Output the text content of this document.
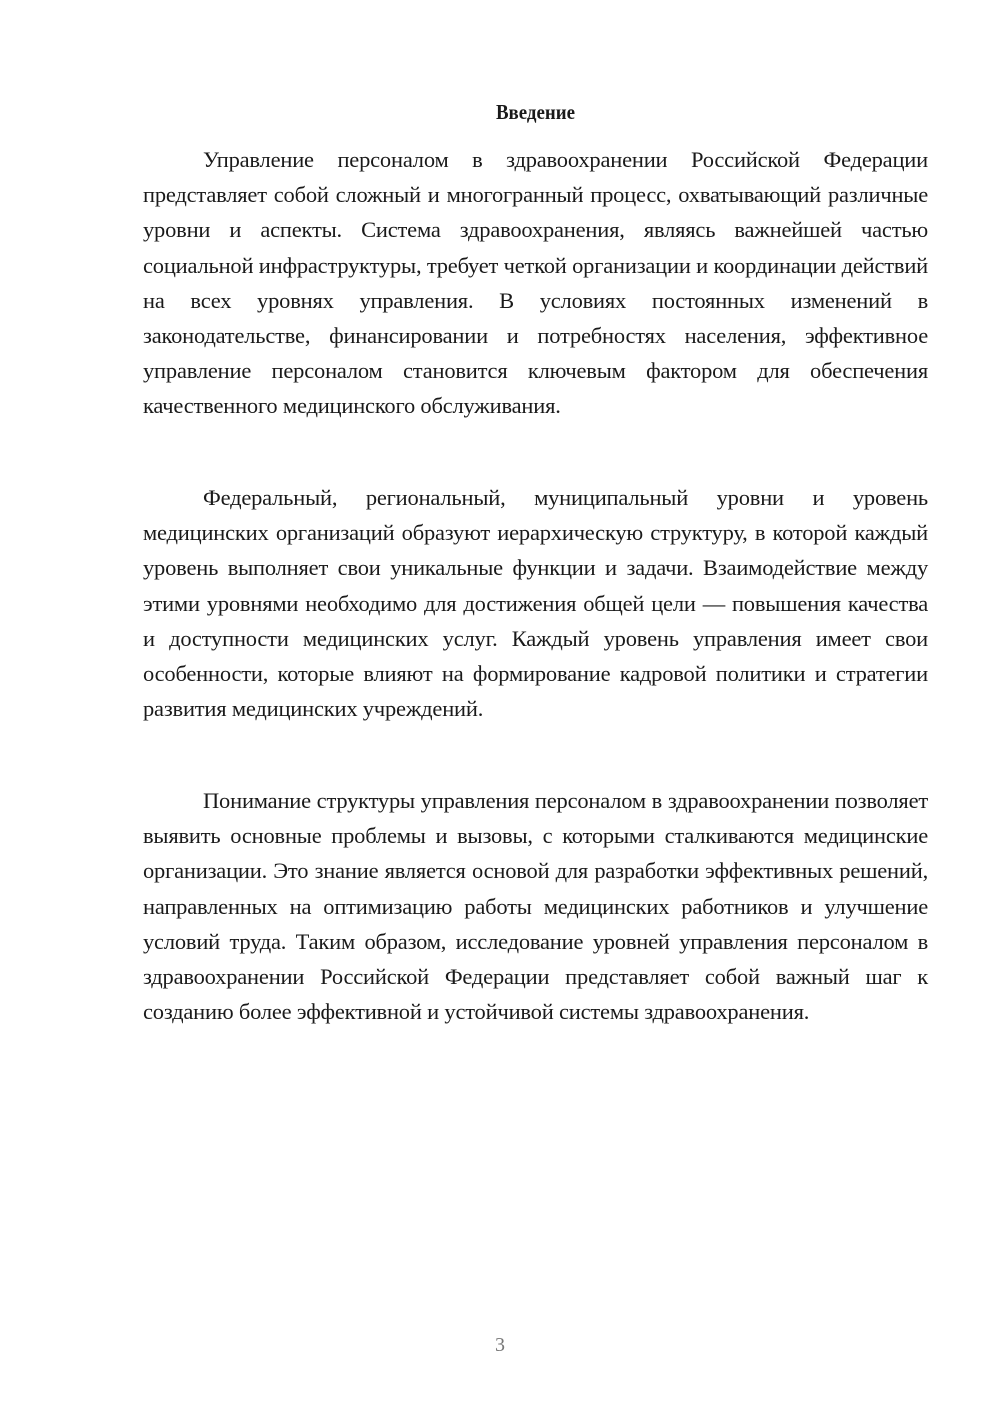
Введение

Управление персоналом в здравоохранении Российской Федерации представляет собой сложный и многогранный процесс, охватывающий различные уровни и аспекты. Система здравоохранения, являясь важнейшей частью социальной инфраструктуры, требует четкой организации и координации действий на всех уровнях управления. В условиях постоянных изменений в законодательстве, финансировании и потребностях населения, эффективное управление персоналом становится ключевым фактором для обеспечения качественного медицинского обслуживания.

Федеральный, региональный, муниципальный уровни и уровень медицинских организаций образуют иерархическую структуру, в которой каждый уровень выполняет свои уникальные функции и задачи. Взаимодействие между этими уровнями необходимо для достижения общей цели — повышения качества и доступности медицинских услуг. Каждый уровень управления имеет свои особенности, которые влияют на формирование кадровой политики и стратегии развития медицинских учреждений.

Понимание структуры управления персоналом в здравоохранении позволяет выявить основные проблемы и вызовы, с которыми сталкиваются медицинские организации. Это знание является основой для разработки эффективных решений, направленных на оптимизацию работы медицинских работников и улучшение условий труда. Таким образом, исследование уровней управления персоналом в здравоохранении Российской Федерации представляет собой важный шаг к созданию более эффективной и устойчивой системы здравоохранения.

3
